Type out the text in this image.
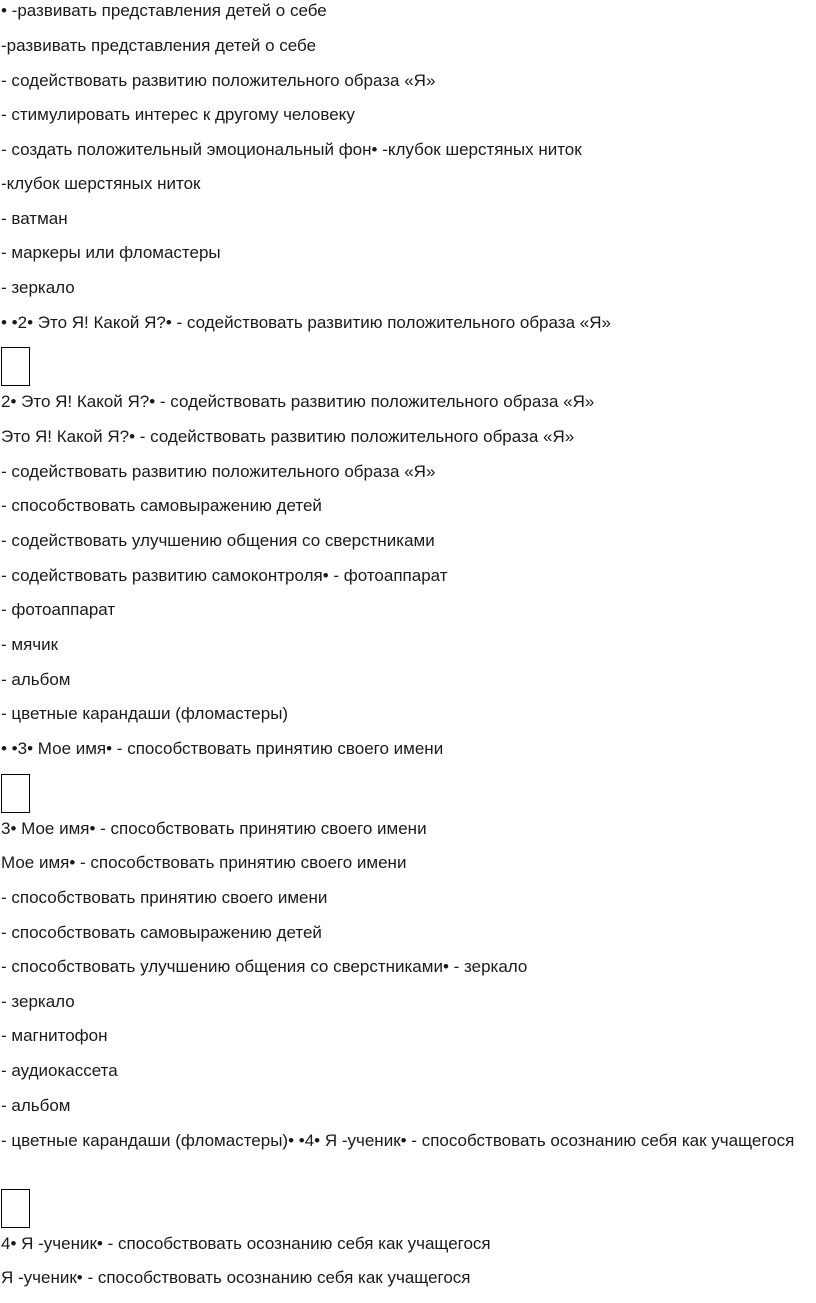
• -развивать представления детей о себе

-развивать представления детей о себе

- содействовать развитию положительного образа «Я»

- стимулировать интерес к другому человеку

- создать положительный эмоциональный фон• -клубок шерстяных ниток

-клубок шерстяных ниток

- ватман

- маркеры или фломастеры

- зеркало

• •2• Это Я! Какой Я?• - содействовать развитию положительного образа «Я»

2• Это Я! Какой Я?• - содействовать развитию положительного образа «Я»

Это Я! Какой Я?• - содействовать развитию положительного образа «Я»

- содействовать развитию положительного образа «Я»

- способствовать самовыражению детей

- содействовать улучшению общения со сверстниками

- содействовать развитию самоконтроля• - фотоаппарат

- фотоаппарат

- мячик

- альбом

- цветные карандаши (фломастеры)

• •3• Мое имя• - способствовать принятию своего имени

3• Мое имя• - способствовать принятию своего имени

Мое имя• - способствовать принятию своего имени

- способствовать принятию своего имени

- способствовать самовыражению детей

- способствовать улучшению общения со сверстниками• - зеркало

- зеркало

- магнитофон

- аудиокассета

- альбом

- цветные карандаши (фломастеры)• •4• Я -ученик• - способствовать осознанию себя как учащегося

4• Я -ученик• - способствовать осознанию себя как учащегося

Я -ученик• - способствовать осознанию себя как учащегося
